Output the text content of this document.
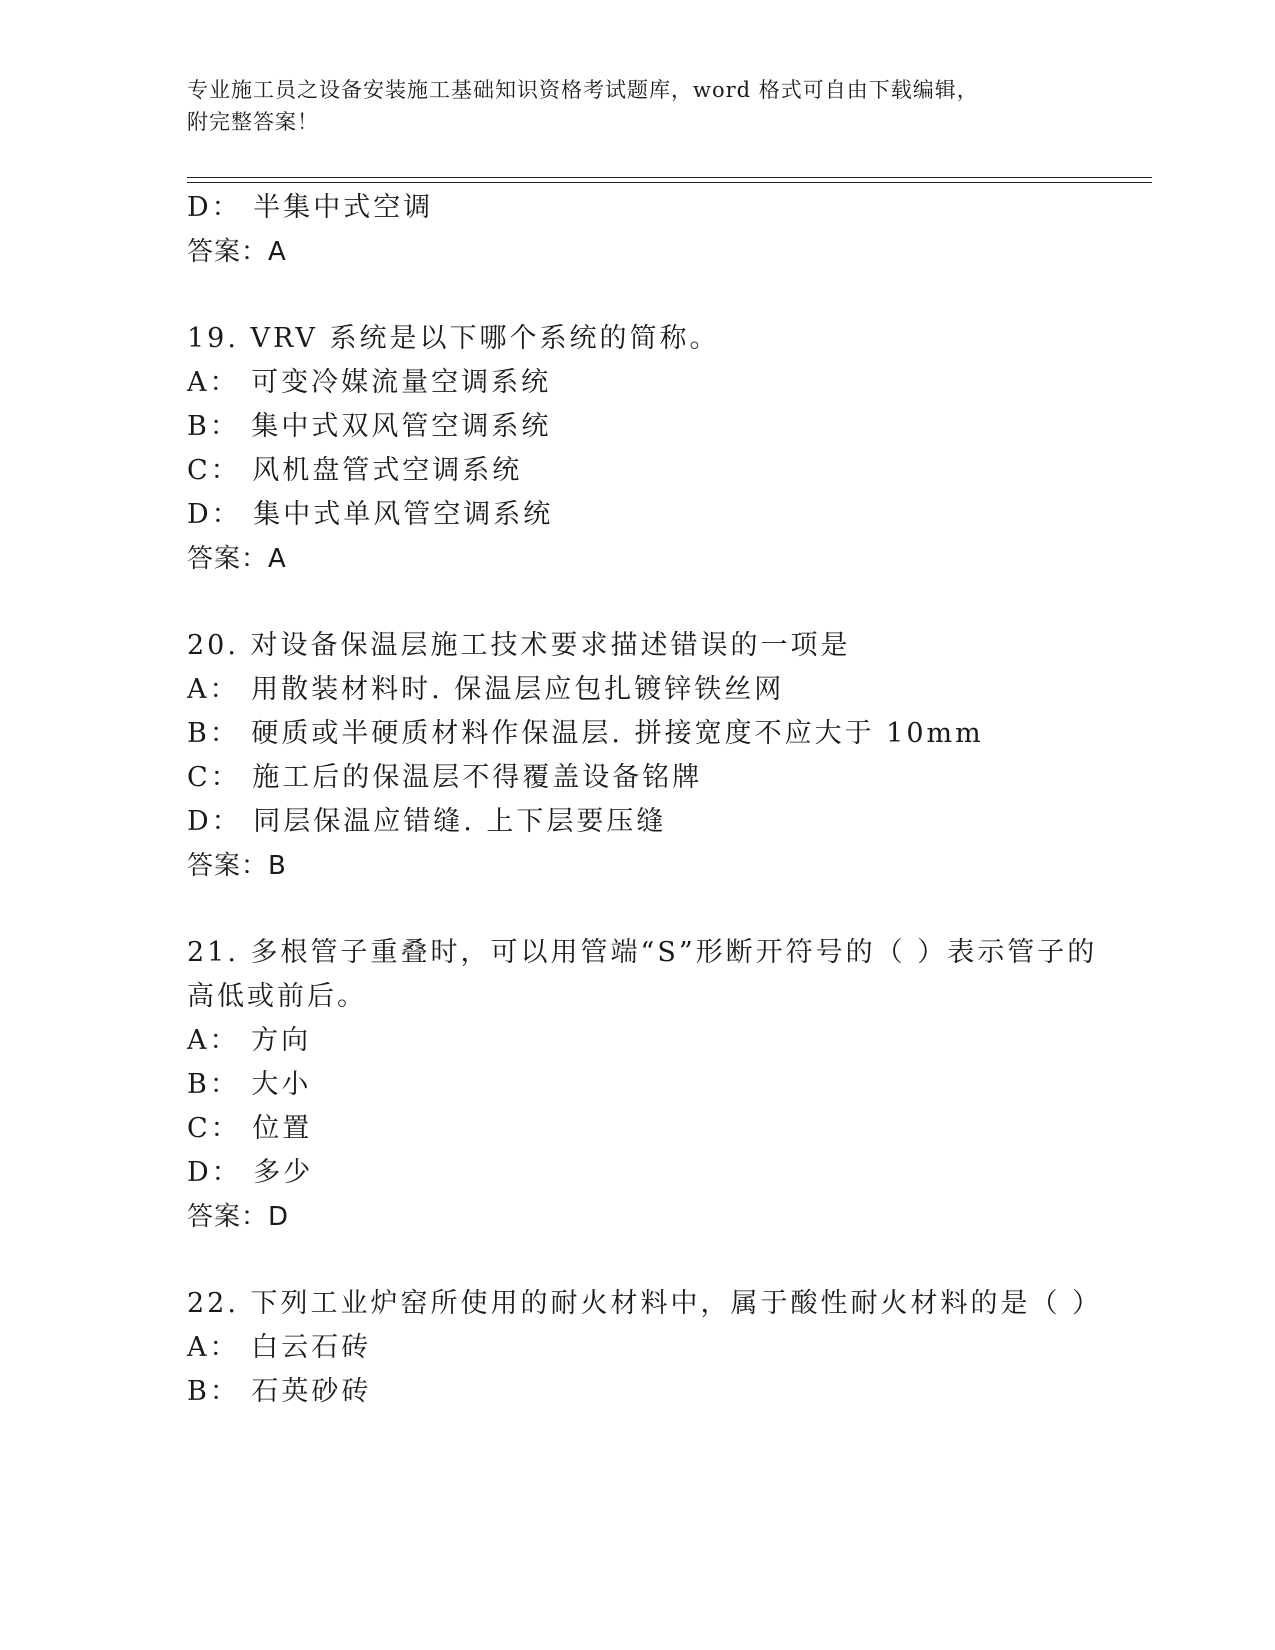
专业施工员之设备安装施工基础知识资格考试题库，word 格式可自由下载编辑，
附完整答案！
D： 半集中式空调
答案：A
19. VRV 系统是以下哪个系统的简称。
A： 可变冷媒流量空调系统
B： 集中式双风管空调系统
C： 风机盘管式空调系统
D： 集中式单风管空调系统
答案：A
20. 对设备保温层施工技术要求描述错误的一项是
A： 用散装材料时. 保温层应包扎镀锌铁丝网
B： 硬质或半硬质材料作保温层. 拼接宽度不应大于 10mm
C： 施工后的保温层不得覆盖设备铭牌
D： 同层保温应错缝. 上下层要压缝
答案：B
21. 多根管子重叠时，可以用管端“S”形断开符号的（ ）表示管子的
高低或前后。
A： 方向
B： 大小
C： 位置
D： 多少
答案：D
22. 下列工业炉窑所使用的耐火材料中，属于酸性耐火材料的是（ ）
A： 白云石砖
B： 石英砂砖
